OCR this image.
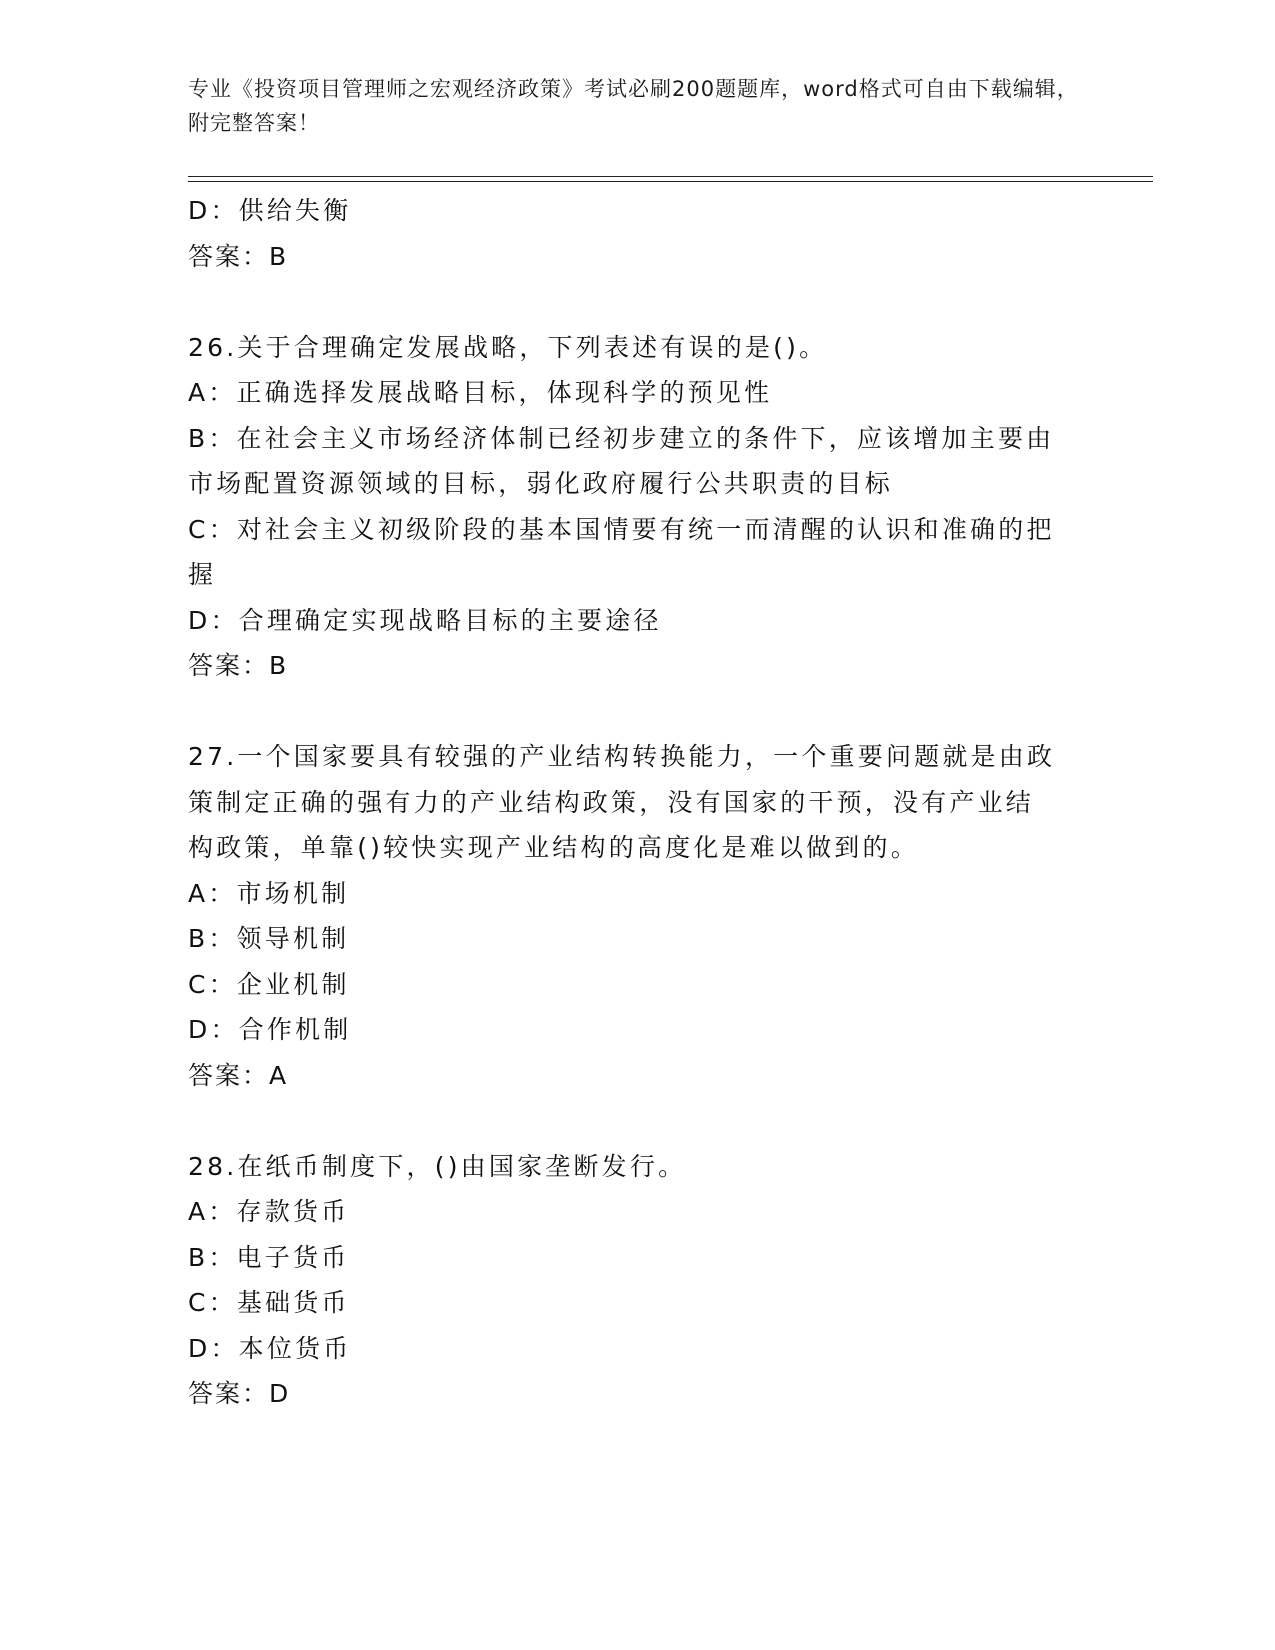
专业《投资项目管理师之宏观经济政策》考试必刷200题题库，word格式可自由下载编辑，附完整答案！

D：供给失衡

答案：B

26.关于合理确定发展战略，下列表述有误的是()。

A：正确选择发展战略目标，体现科学的预见性

B：在社会主义市场经济体制已经初步建立的条件下，应该增加主要由

市场配置资源领域的目标，弱化政府履行公共职责的目标

C：对社会主义初级阶段的基本国情要有统一而清醒的认识和准确的把

握

D：合理确定实现战略目标的主要途径

答案：B

27.一个国家要具有较强的产业结构转换能力，一个重要问题就是由政

策制定正确的强有力的产业结构政策，没有国家的干预，没有产业结

构政策，单靠()较快实现产业结构的高度化是难以做到的。

A：市场机制

B：领导机制

C：企业机制

D：合作机制

答案：A

28.在纸币制度下，()由国家垄断发行。

A：存款货币

B：电子货币

C：基础货币

D：本位货币

答案：D
